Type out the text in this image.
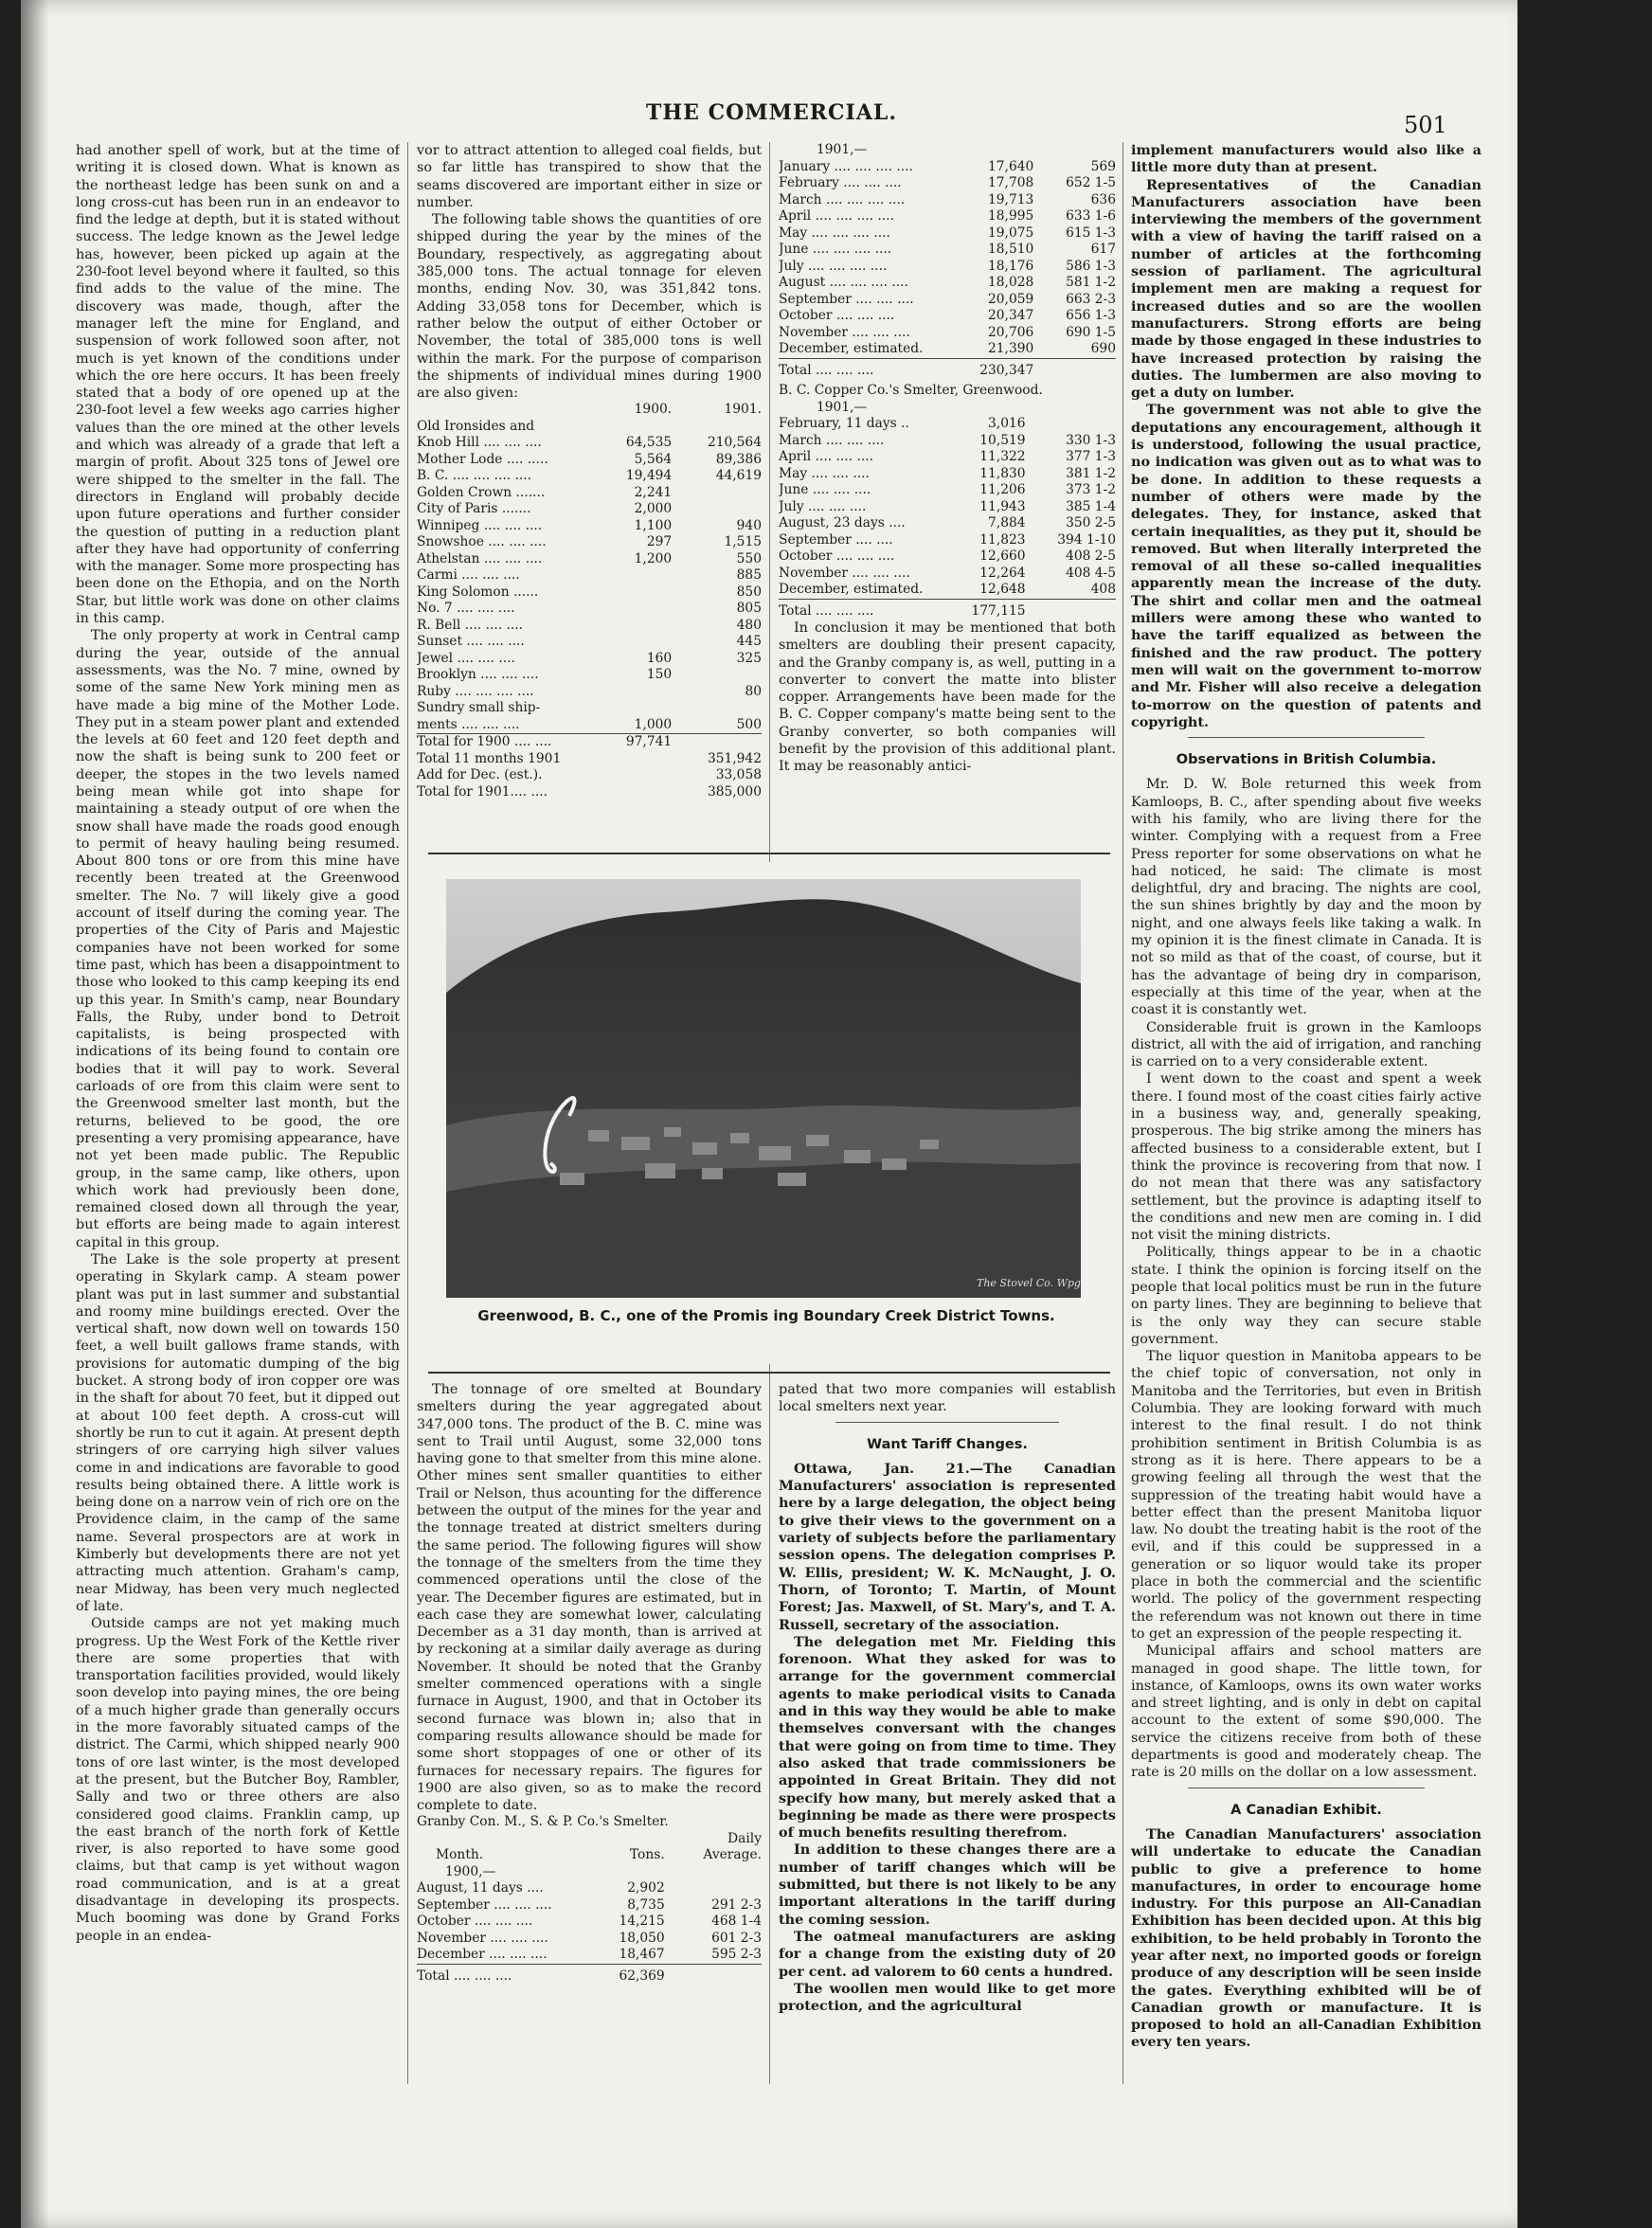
THE COMMERCIAL.	501

had another spell of work, but at the time of writing it is closed down. What is known as the northeast ledge has been sunk on and a long cross-cut has been run in an endeavor to find the ledge at depth, but it is stated without success. The ledge known as the Jewel ledge has, however, been picked up again at the 230-foot level beyond where it faulted, so this find adds to the value of the mine. The discovery was made, though, after the manager left the mine for England, and suspension of work followed soon after, not much is yet known of the conditions under which the ore here occurs. It has been freely stated that a body of ore opened up at the 230-foot level a few weeks ago carries higher values than the ore mined at the other levels and which was already of a grade that left a margin of profit. About 325 tons of Jewel ore were shipped to the smelter in the fall. The directors in England will probably decide upon future operations and further consider the question of putting in a reduction plant after they have had opportunity of conferring with the manager. Some more prospecting has been done on the Ethopia, and on the North Star, but little work was done on other claims in this camp.

The only property at work in Central camp during the year, outside of the annual assessments, was the No. 7 mine, owned by some of the same New York mining men as have made a big mine of the Mother Lode. They put in a steam power plant and extended the levels at 60 feet and 120 feet depth and now the shaft is being sunk to 200 feet or deeper, the stopes in the two levels named being mean while got into shape for maintaining a steady output of ore when the snow shall have made the roads good enough to permit of heavy hauling being resumed. About 800 tons or ore from this mine have recently been treated at the Greenwood smelter. The No. 7 will likely give a good account of itself during the coming year. The properties of the City of Paris and Majestic companies have not been worked for some time past, which has been a disappointment to those who looked to this camp keeping its end up this year. In Smith's camp, near Boundary Falls, the Ruby, under bond to Detroit capitalists, is being prospected with indications of its being found to contain ore bodies that it will pay to work. Several carloads of ore from this claim were sent to the Greenwood smelter last month, but the returns, believed to be good, the ore presenting a very promising appearance, have not yet been made public. The Republic group, in the same camp, like others, upon which work had previously been done, remained closed down all through the year, but efforts are being made to again interest capital in this group.

The Lake is the sole property at present operating in Skylark camp. A steam power plant was put in last summer and substantial and roomy mine buildings erected. Over the vertical shaft, now down well on towards 150 feet, a well built gallows frame stands, with provisions for automatic dumping of the big bucket. A strong body of iron copper ore was in the shaft for about 70 feet, but it dipped out at about 100 feet depth. A cross-cut will shortly be run to cut it again. At present depth stringers of ore carrying high silver values come in and indications are favorable to good results being obtained there. A little work is being done on a narrow vein of rich ore on the Providence claim, in the camp of the same name. Several prospectors are at work in Kimberly but developments there are not yet attracting much attention. Graham's camp, near Midway, has been very much neglected of late.

Outside camps are not yet making much progress. Up the West Fork of the Kettle river there are some properties that with transportation facilities provided, would likely soon develop into paying mines, the ore being of a much higher grade than generally occurs in the more favorably situated camps of the district. The Carmi, which shipped nearly 900 tons of ore last winter, is the most developed at the present, but the Butcher Boy, Rambler, Sally and two or three others are also considered good claims. Franklin camp, up the east branch of the north fork of Kettle river, is also reported to have some good claims, but that camp is yet without wagon road communication, and is at a great disadvantage in developing its prospects. Much booming was done by Grand Forks people in an endea-

vor to attract attention to alleged coal fields, but so far little has transpired to show that the seams discovered are important either in size or number.

The following table shows the quantities of ore shipped during the year by the mines of the Boundary, respectively, as aggregating about 385,000 tons. The actual tonnage for eleven months, ending Nov. 30, was 351,842 tons. Adding 33,058 tons for December, which is rather below the output of either October or November, the total of 385,000 tons is well within the mark. For the purpose of comparison the shipments of individual mines during 1900 are also given:

	1900.	1901.
Old Ironsides and		
Knob Hill .... .... ....	64,535	210,564
Mother Lode .... .....	5,564	89,386
B. C. .... .... .... ....	19,494	44,619
Golden Crown .......	2,241	
City of Paris .......	2,000	
Winnipeg .... .... ....	1,100	940
Snowshoe .... .... ....	297	1,515
Athelstan .... .... ....	1,200	550
Carmi .... .... ....		885
King Solomon ......		850
No. 7 .... .... ....		805
R. Bell .... .... ....		480
Sunset .... .... ....		445
Jewel .... .... ....	160	325
Brooklyn .... .... ....	150	
Ruby .... .... .... ....		80
Sundry small ship-		
ments .... .... ....	1,000	500
Total for 1900 .... ....	97,741	
Total 11 months 1901		351,942
Add for Dec. (est.).		33,058
Total for 1901.... ....		385,000
1901,—
January .... .... .... ....	17,640	569
February .... .... ....	17,708	652 1-5
March .... .... .... ....	19,713	636
April .... .... .... ....	18,995	633 1-6
May .... .... .... ....	19,075	615 1-3
June .... .... .... ....	18,510	617
July .... .... .... ....	18,176	586 1-3
August .... .... .... ....	18,028	581 1-2
September .... .... ....	20,059	663 2-3
October .... .... ....	20,347	656 1-3
November .... .... ....	20,706	690 1-5
December, estimated.	21,390	690
Total .... .... ....	230,347	
B. C. Copper Co.'s Smelter, Greenwood.
1901,—
February, 11 days ..	3,016	
March .... .... ....	10,519	330 1-3
April .... .... ....	11,322	377 1-3
May .... .... ....	11,830	381 1-2
June .... .... ....	11,206	373 1-2
July .... .... ....	11,943	385 1-4
August, 23 days ....	7,884	350 2-5
September .... ....	11,823	394 1-10
October .... .... ....	12,660	408 2-5
November .... .... ....	12,264	408 4-5
December, estimated.	12,648	408
Total .... .... ....	177,115	

In conclusion it may be mentioned that both smelters are doubling their present capacity, and the Granby company is, as well, putting in a converter to convert the matte into blister copper. Arrangements have been made for the B. C. Copper company's matte being sent to the Granby converter, so both companies will benefit by the provision of this additional plant. It may be reasonably antici-

The Stovel Co. Wpg
Greenwood, B. C., one of the Promis ing Boundary Creek District Towns.

The tonnage of ore smelted at Boundary smelters during the year aggregated about 347,000 tons. The product of the B. C. mine was sent to Trail until August, some 32,000 tons having gone to that smelter from this mine alone. Other mines sent smaller quantities to either Trail or Nelson, thus acounting for the difference between the output of the mines for the year and the tonnage treated at district smelters during the same period. The following figures will show the tonnage of the smelters from the time they commenced operations until the close of the year. The December figures are estimated, but in each case they are somewhat lower, calculating December as a 31 day month, than is arrived at by reckoning at a similar daily average as during November. It should be noted that the Granby smelter commenced operations with a single furnace in August, 1900, and that in October its second furnace was blown in; also that in comparing results allowance should be made for some short stoppages of one or other of its furnaces for necessary repairs. The figures for 1900 are also given, so as to make the record complete to date.

Granby Con. M., S. & P. Co.'s Smelter.
		Daily
Month.	Tons.	Average.
1900,—		
August, 11 days ....	2,902	
September .... .... ....	8,735	291 2-3
October .... .... ....	14,215	468 1-4
November .... .... ....	18,050	601 2-3
December .... .... ....	18,467	595 2-3
Total .... .... ....	62,369	

pated that two more companies will establish local smelters next year.

Want Tariff Changes.

Ottawa, Jan. 21.—The Canadian Manufacturers' association is represented here by a large delegation, the object being to give their views to the government on a variety of subjects before the parliamentary session opens. The delegation comprises P. W. Ellis, president; W. K. McNaught, J. O. Thorn, of Toronto; T. Martin, of Mount Forest; Jas. Maxwell, of St. Mary's, and T. A. Russell, secretary of the association.

The delegation met Mr. Fielding this forenoon. What they asked for was to arrange for the government commercial agents to make periodical visits to Canada and in this way they would be able to make themselves conversant with the changes that were going on from time to time. They also asked that trade commissioners be appointed in Great Britain. They did not specify how many, but merely asked that a beginning be made as there were prospects of much benefits resulting therefrom.

In addition to these changes there are a number of tariff changes which will be submitted, but there is not likely to be any important alterations in the tariff during the coming session.

The oatmeal manufacturers are asking for a change from the existing duty of 20 per cent. ad valorem to 60 cents a hundred.

The woollen men would like to get more protection, and the agricultural

implement manufacturers would also like a little more duty than at present.

Representatives of the Canadian Manufacturers association have been interviewing the members of the government with a view of having the tariff raised on a number of articles at the forthcoming session of parliament. The agricultural implement men are making a request for increased duties and so are the woollen manufacturers. Strong efforts are being made by those engaged in these industries to have increased protection by raising the duties. The lumbermen are also moving to get a duty on lumber.

The government was not able to give the deputations any encouragement, although it is understood, following the usual practice, no indication was given out as to what was to be done. In addition to these requests a number of others were made by the delegates. They, for instance, asked that certain inequalities, as they put it, should be removed. But when literally interpreted the removal of all these so-called inequalities apparently mean the increase of the duty. The shirt and collar men and the oatmeal millers were among these who wanted to have the tariff equalized as between the finished and the raw product. The pottery men will wait on the government to-morrow and Mr. Fisher will also receive a delegation to-morrow on the question of patents and copyright.

Observations in British Columbia.

Mr. D. W. Bole returned this week from Kamloops, B. C., after spending about five weeks with his family, who are living there for the winter. Complying with a request from a Free Press reporter for some observations on what he had noticed, he said: The climate is most delightful, dry and bracing. The nights are cool, the sun shines brightly by day and the moon by night, and one always feels like taking a walk. In my opinion it is the finest climate in Canada. It is not so mild as that of the coast, of course, but it has the advantage of being dry in comparison, especially at this time of the year, when at the coast it is constantly wet.

Considerable fruit is grown in the Kamloops district, all with the aid of irrigation, and ranching is carried on to a very considerable extent.

I went down to the coast and spent a week there. I found most of the coast cities fairly active in a business way, and, generally speaking, prosperous. The big strike among the miners has affected business to a considerable extent, but I think the province is recovering from that now. I do not mean that there was any satisfactory settlement, but the province is adapting itself to the conditions and new men are coming in. I did not visit the mining districts.

Politically, things appear to be in a chaotic state. I think the opinion is forcing itself on the people that local politics must be run in the future on party lines. They are beginning to believe that is the only way they can secure stable government.

The liquor question in Manitoba appears to be the chief topic of conversation, not only in Manitoba and the Territories, but even in British Columbia. They are looking forward with much interest to the final result. I do not think prohibition sentiment in British Columbia is as strong as it is here. There appears to be a growing feeling all through the west that the suppression of the treating habit would have a better effect than the present Manitoba liquor law. No doubt the treating habit is the root of the evil, and if this could be suppressed in a generation or so liquor would take its proper place in both the commercial and the scientific world. The policy of the government respecting the referendum was not known out there in time to get an expression of the people respecting it.

Municipal affairs and school matters are managed in good shape. The little town, for instance, of Kamloops, owns its own water works and street lighting, and is only in debt on capital account to the extent of some $90,000. The service the citizens receive from both of these departments is good and moderately cheap. The rate is 20 mills on the dollar on a low assessment.

A Canadian Exhibit.

The Canadian Manufacturers' association will undertake to educate the Canadian public to give a preference to home manufactures, in order to encourage home industry. For this purpose an All-Canadian Exhibition has been decided upon. At this big exhibition, to be held probably in Toronto the year after next, no imported goods or foreign produce of any description will be seen inside the gates. Everything exhibited will be of Canadian growth or manufacture. It is proposed to hold an all-Canadian Exhibition every ten years.
